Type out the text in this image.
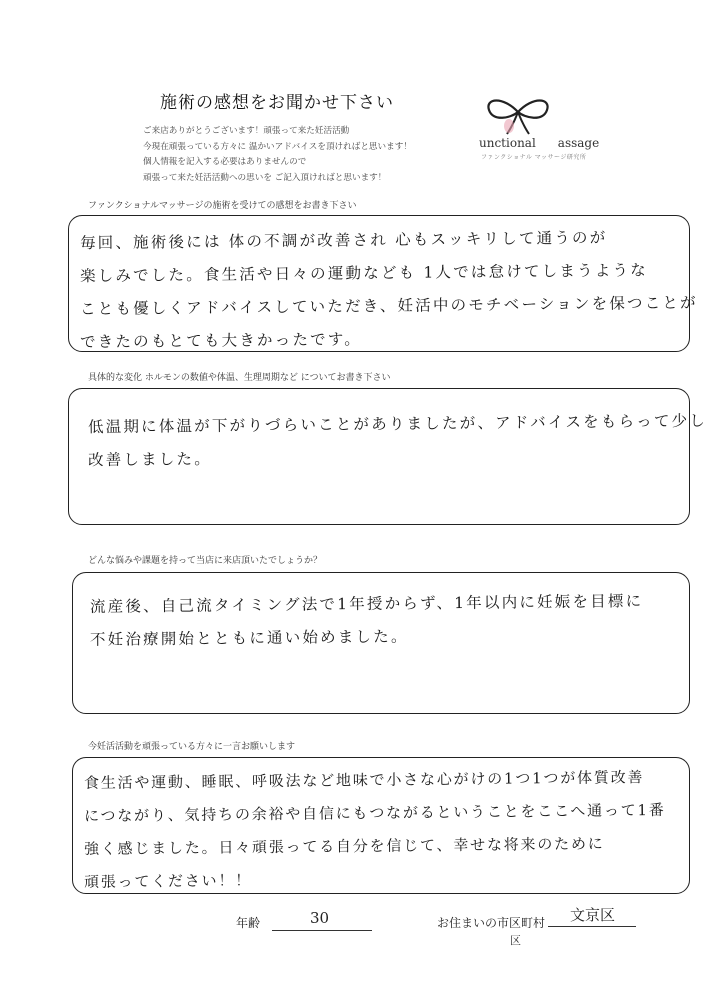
施術の感想をお聞かせ下さい
ご来店ありがとうございます！頑張って来た妊活活動
今現在頑張っている方々に 温かいアドバイスを頂ければと思います！
個人情報を記入する必要はありませんので
頑張って来た妊活活動への思いを ご記入頂ければと思います！
unctional assage
ファンクショナル マッサージ研究所
ファンクショナルマッサージの施術を受けての感想をお書き下さい
毎回、施術後には 体の不調が改善され 心もスッキリして通うのが
楽しみでした。食生活や日々の運動なども 1人では怠けてしまうような
ことも優しくアドバイスしていただき、妊活中のモチベーションを保つことが
できたのもとても大きかったです。
具体的な変化 ホルモンの数値や体温、生理周期など についてお書き下さい
低温期に体温が下がりづらいことがありましたが、アドバイスをもらって少し
改善しました。
どんな悩みや課題を持って当店に来店頂いたでしょうか？
流産後、自己流タイミング法で1年授からず、1年以内に妊娠を目標に
不妊治療開始とともに通い始めました。
今妊活活動を頑張っている方々に一言お願いします
食生活や運動、睡眠、呼吸法など地味で小さな心がけの1つ1つが体質改善
につながり、気持ちの余裕や自信にもつながるということをここへ通って1番
強く感じました。日々頑張ってる自分を信じて、幸せな将来のために
頑張ってください！！
年齢	30	お住まいの市区町村 文京区
区
